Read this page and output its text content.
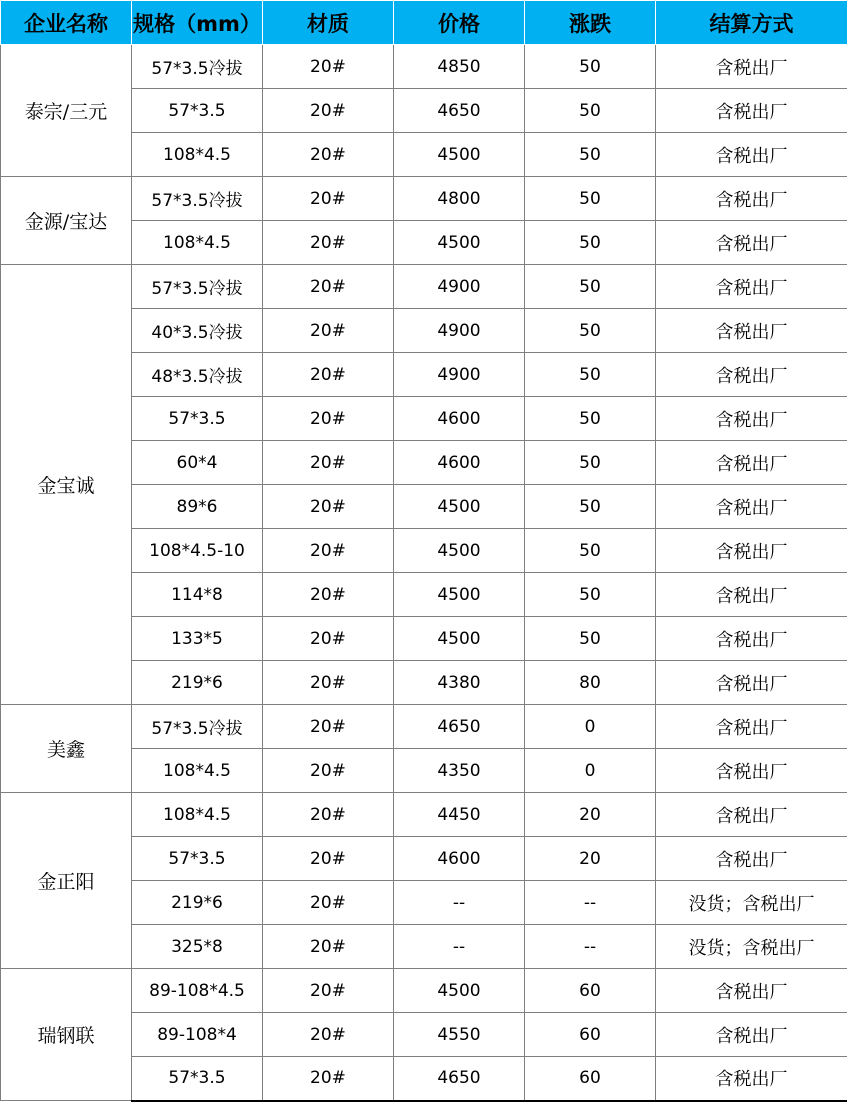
企业名称	规格（mm）	材质	价格	涨跌	结算方式
泰宗/三元	57*3.5冷拔	20#	4850	50	含税出厂
	57*3.5	20#	4650	50	含税出厂
	108*4.5	20#	4500	50	含税出厂
金源/宝达	57*3.5冷拔	20#	4800	50	含税出厂
	108*4.5	20#	4500	50	含税出厂
金宝诚	57*3.5冷拔	20#	4900	50	含税出厂
	40*3.5冷拔	20#	4900	50	含税出厂
	48*3.5冷拔	20#	4900	50	含税出厂
	57*3.5	20#	4600	50	含税出厂
	60*4	20#	4600	50	含税出厂
	89*6	20#	4500	50	含税出厂
	108*4.5-10	20#	4500	50	含税出厂
	114*8	20#	4500	50	含税出厂
	133*5	20#	4500	50	含税出厂
	219*6	20#	4380	80	含税出厂
美鑫	57*3.5冷拔	20#	4650	0	含税出厂
	108*4.5	20#	4350	0	含税出厂
金正阳	108*4.5	20#	4450	20	含税出厂
	57*3.5	20#	4600	20	含税出厂
	219*6	20#	--	--	没货；含税出厂
	325*8	20#	--	--	没货；含税出厂
瑞钢联	89-108*4.5	20#	4500	60	含税出厂
	89-108*4	20#	4550	60	含税出厂
	57*3.5	20#	4650	60	含税出厂
